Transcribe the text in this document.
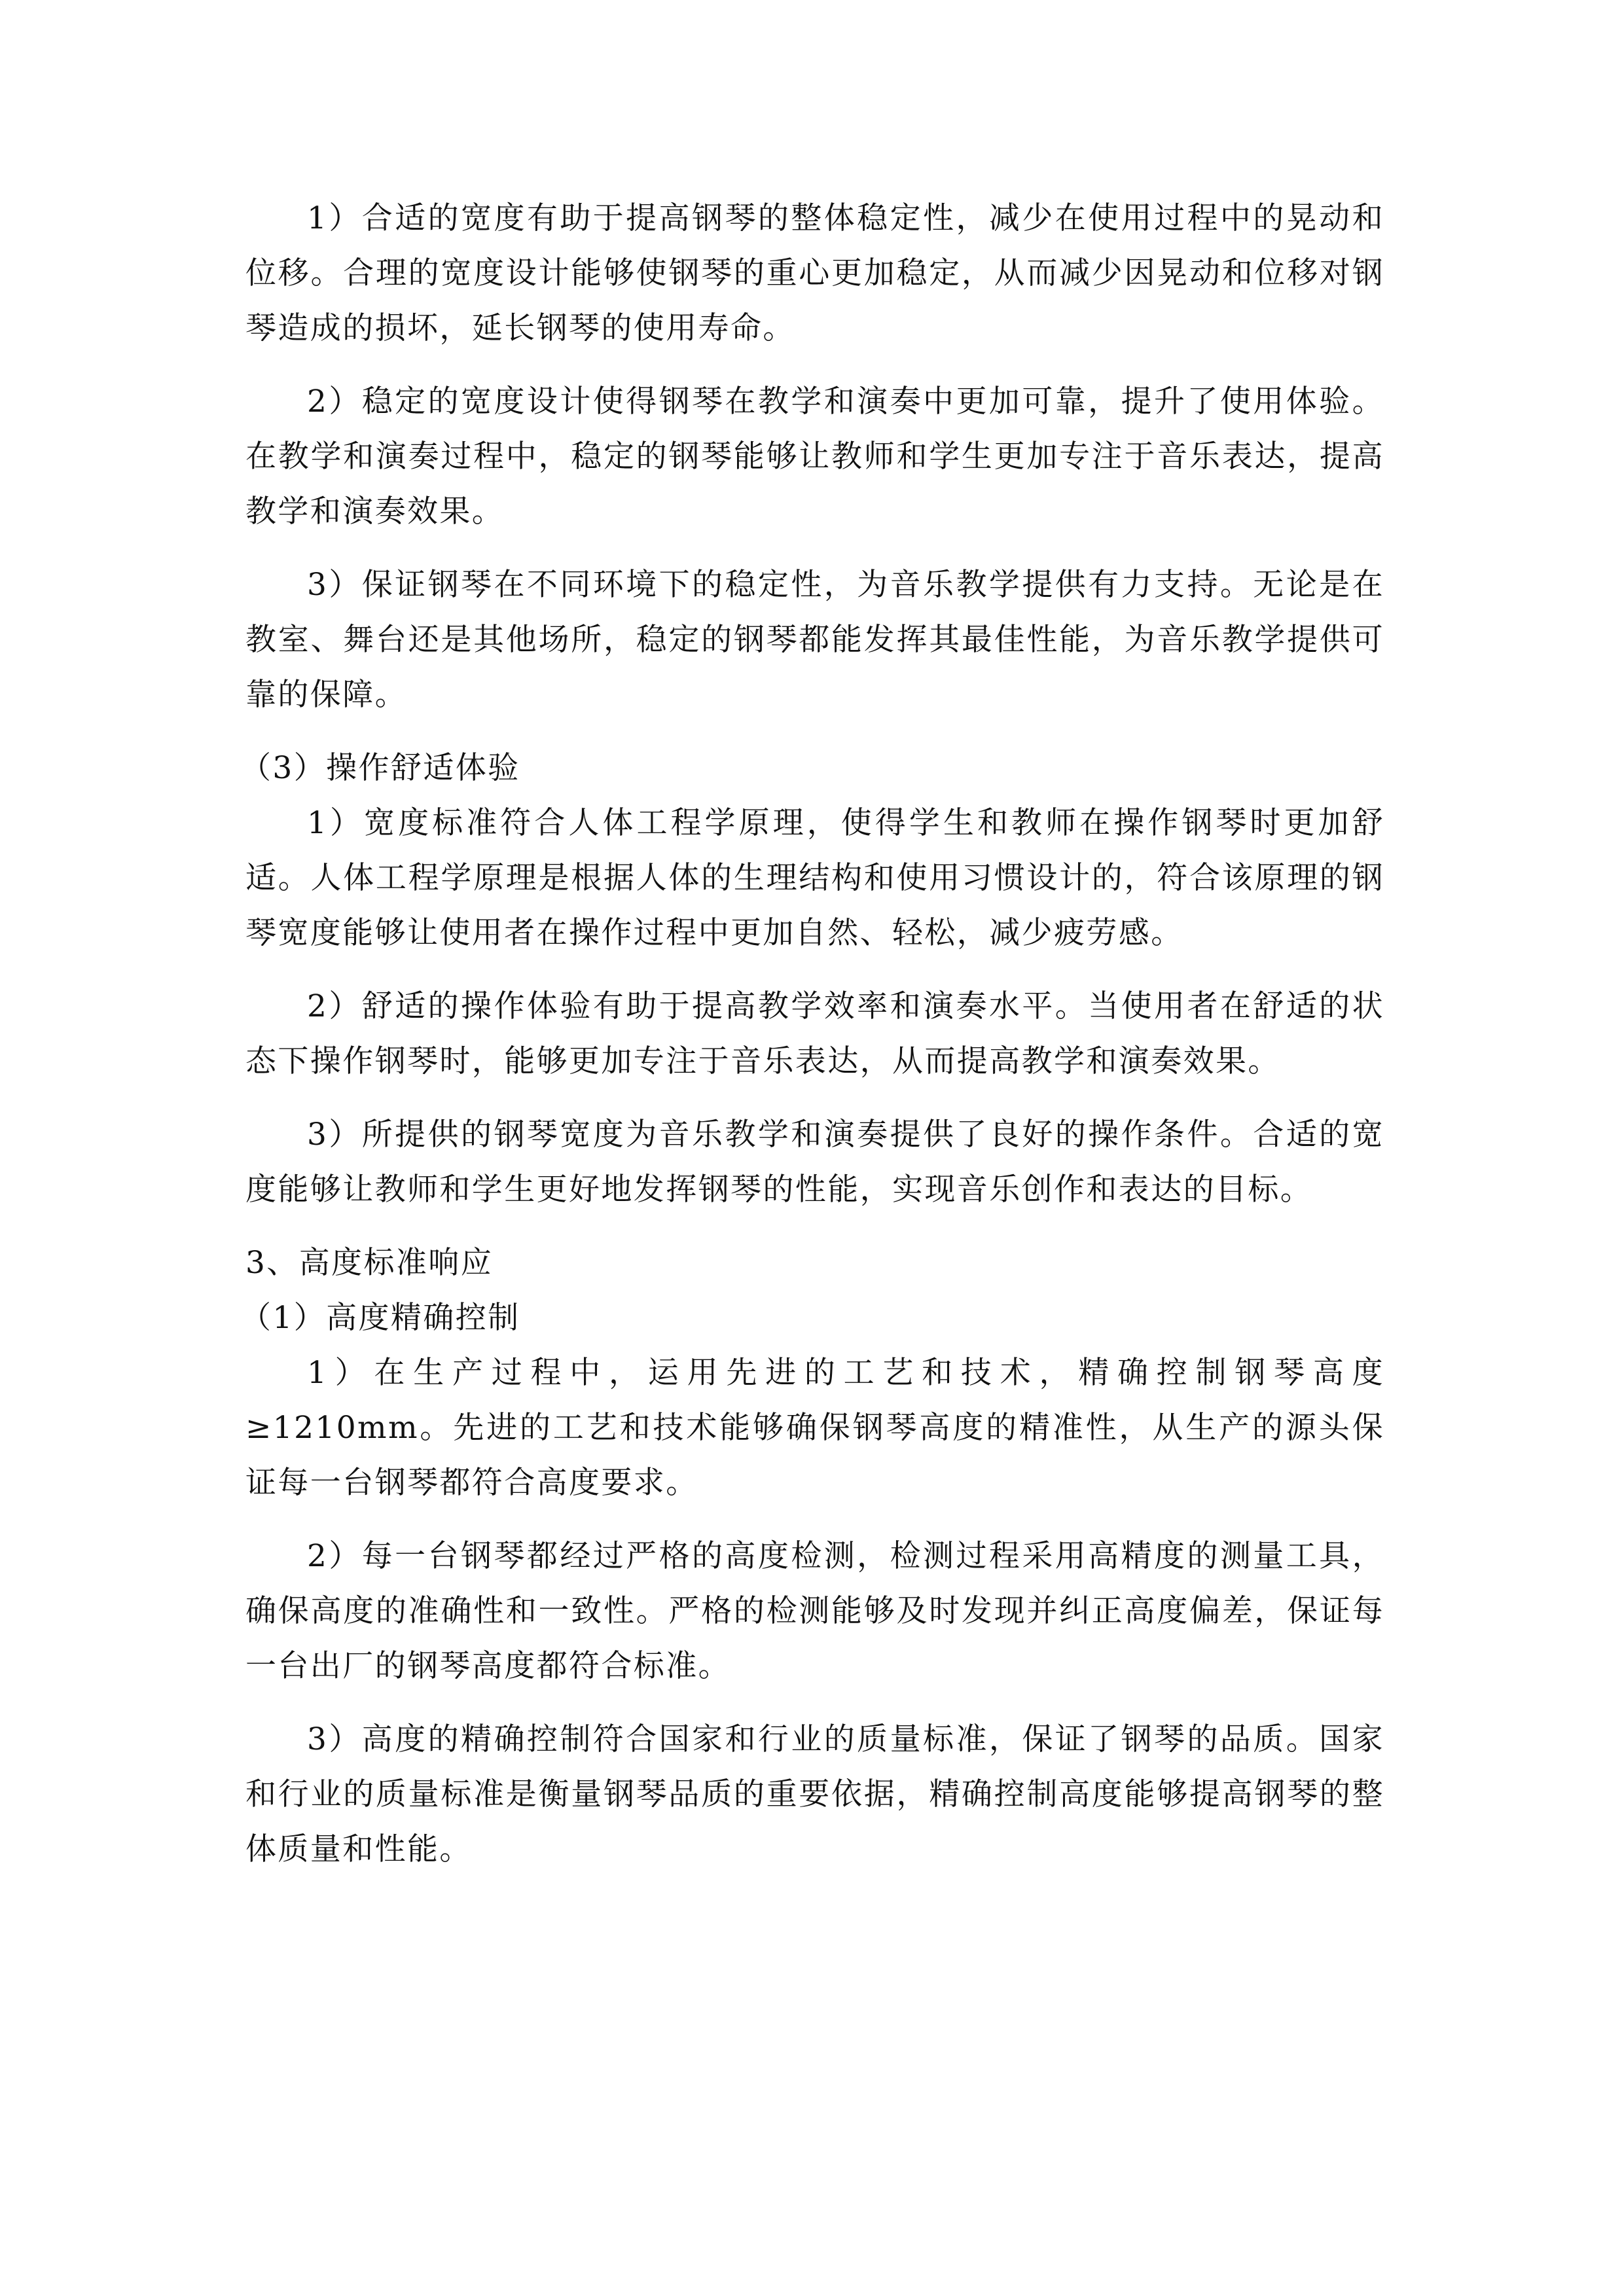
1）合适的宽度有助于提高钢琴的整体稳定性，减少在使用过程中的晃动和位移。合理的宽度设计能够使钢琴的重心更加稳定，从而减少因晃动和位移对钢琴造成的损坏，延长钢琴的使用寿命。

2）稳定的宽度设计使得钢琴在教学和演奏中更加可靠，提升了使用体验。在教学和演奏过程中，稳定的钢琴能够让教师和学生更加专注于音乐表达，提高教学和演奏效果。

3）保证钢琴在不同环境下的稳定性，为音乐教学提供有力支持。无论是在教室、舞台还是其他场所，稳定的钢琴都能发挥其最佳性能，为音乐教学提供可靠的保障。

（3）操作舒适体验

1）宽度标准符合人体工程学原理，使得学生和教师在操作钢琴时更加舒适。人体工程学原理是根据人体的生理结构和使用习惯设计的，符合该原理的钢琴宽度能够让使用者在操作过程中更加自然、轻松，减少疲劳感。

2）舒适的操作体验有助于提高教学效率和演奏水平。当使用者在舒适的状态下操作钢琴时，能够更加专注于音乐表达，从而提高教学和演奏效果。

3）所提供的钢琴宽度为音乐教学和演奏提供了良好的操作条件。合适的宽度能够让教师和学生更好地发挥钢琴的性能，实现音乐创作和表达的目标。

3、高度标准响应

（1）高度精确控制

1）在生产过程中，运用先进的工艺和技术，精确控制钢琴高度≥1210mm。先进的工艺和技术能够确保钢琴高度的精准性，从生产的源头保证每一台钢琴都符合高度要求。

2）每一台钢琴都经过严格的高度检测，检测过程采用高精度的测量工具，确保高度的准确性和一致性。严格的检测能够及时发现并纠正高度偏差，保证每一台出厂的钢琴高度都符合标准。

3）高度的精确控制符合国家和行业的质量标准，保证了钢琴的品质。国家和行业的质量标准是衡量钢琴品质的重要依据，精确控制高度能够提高钢琴的整体质量和性能。
